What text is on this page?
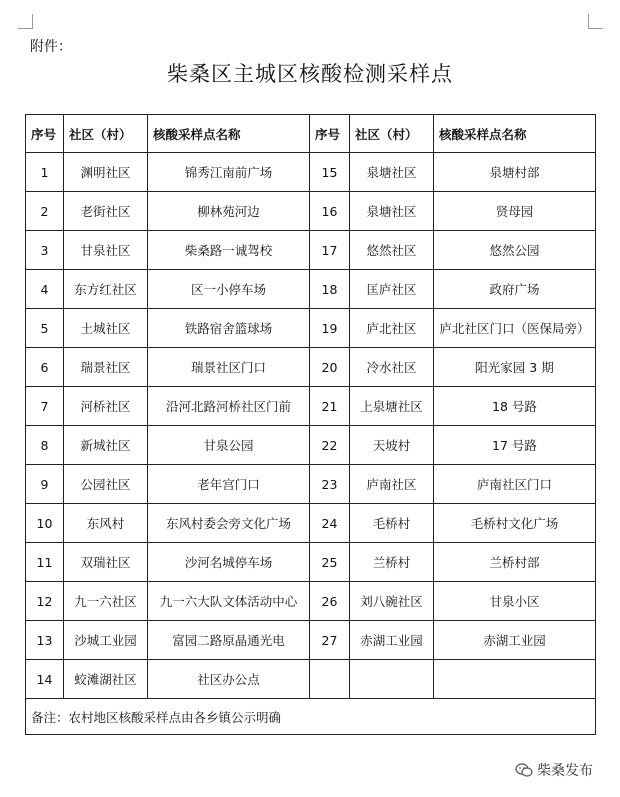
附件：
柴桑区主城区核酸检测采样点
序号	社区（村）	核酸采样点名称	序号	社区（村）	核酸采样点名称
1	渊明社区	锦秀江南前广场	15	泉塘社区	泉塘村部
2	老街社区	柳林苑河边	16	泉塘社区	贤母园
3	甘泉社区	柴桑路一诚驾校	17	悠然社区	悠然公园
4	东方红社区	区一小停车场	18	匡庐社区	政府广场
5	土城社区	铁路宿舍篮球场	19	庐北社区	庐北社区门口（医保局旁）
6	瑞景社区	瑞景社区门口	20	冷水社区	阳光家园 3 期
7	河桥社区	沿河北路河桥社区门前	21	上泉塘社区	18 号路
8	新城社区	甘泉公园	22	天坡村	17 号路
9	公园社区	老年宫门口	23	庐南社区	庐南社区门口
10	东风村	东风村委会旁文化广场	24	毛桥村	毛桥村文化广场
11	双瑞社区	沙河名城停车场	25	兰桥村	兰桥村部
12	九一六社区	九一六大队文体活动中心	26	刘八碗社区	甘泉小区
13	沙城工业园	富园二路原晶通光电	27	赤湖工业园	赤湖工业园
14	蛟滩湖社区	社区办公点			
备注：农村地区核酸采样点由各乡镇公示明确					
柴桑发布
